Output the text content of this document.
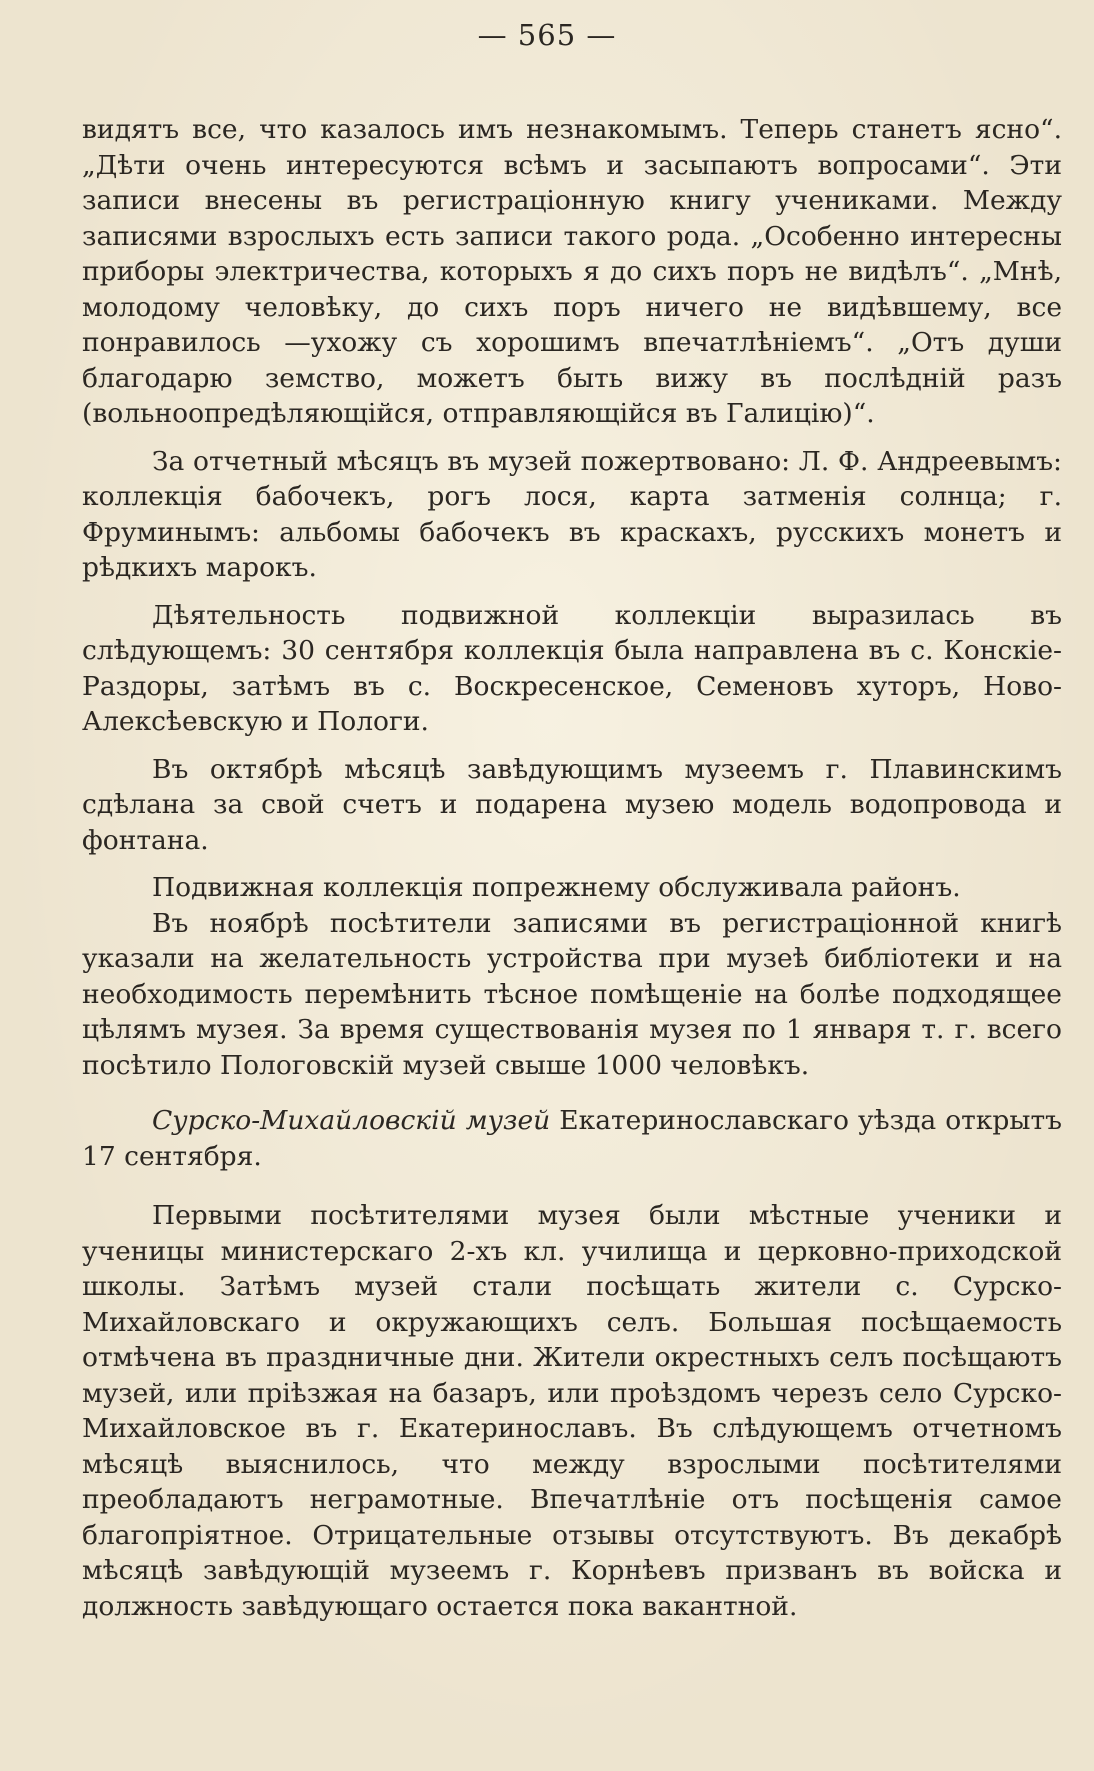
— 565 —

видятъ все, что казалось имъ незнакомымъ. Теперь станетъ ясно“. „Дѣти очень интересуются всѣмъ и засыпаютъ вопросами“. Эти записи внесены въ регистраціонную книгу учениками. Между записями взрослыхъ есть записи такого рода. „Особенно интересны приборы электричества, которыхъ я до сихъ поръ не видѣлъ“. „Мнѣ, молодому человѣку, до сихъ поръ ничего не видѣвшему, все понравилось —ухожу съ хорошимъ впечатлѣніемъ“. „Отъ души благодарю земство, можетъ быть вижу въ послѣдній разъ (вольноопредѣляющійся, отправляющійся въ Галицію)“.

За отчетный мѣсяцъ въ музей пожертвовано: Л. Ф. Андреевымъ: коллекція бабочекъ, рогъ лося, карта затменія солнца; г. Фруминымъ: альбомы бабочекъ въ краскахъ, русскихъ монетъ и рѣдкихъ марокъ.

Дѣятельность подвижной коллекціи выразилась въ слѣдующемъ: 30 сентября коллекція была направлена въ с. Конскіе-Раздоры, затѣмъ въ с. Воскресенское, Семеновъ хуторъ, Ново-Алексѣевскую и Пологи.

Въ октябрѣ мѣсяцѣ завѣдующимъ музеемъ г. Плавинскимъ сдѣлана за свой счетъ и подарена музею модель водопровода и фонтана.

Подвижная коллекція попрежнему обслуживала районъ.

Въ ноябрѣ посѣтители записями въ регистраціонной книгѣ указали на желательность устройства при музеѣ библіотеки и на необходимость перемѣнить тѣсное помѣщеніе на болѣе подходящее цѣлямъ музея. За время существованія музея по 1 января т. г. всего посѣтило Пологовскій музей свыше 1000 человѣкъ.

Сурско-Михайловскій музей Екатеринославскаго уѣзда открытъ 17 сентября.

Первыми посѣтителями музея были мѣстные ученики и ученицы министерскаго 2-хъ кл. училища и церковно-приходской школы. Затѣмъ музей стали посѣщать жители с. Сурско-Михайловскаго и окружающихъ селъ. Большая посѣщаемость отмѣчена въ праздничные дни. Жители окрестныхъ селъ посѣщаютъ музей, или пріѣзжая на базаръ, или проѣздомъ черезъ село Сурско-Михайловское въ г. Екатеринославъ. Въ слѣдующемъ отчетномъ мѣсяцѣ выяснилось, что между взрослыми посѣтителями преобладаютъ неграмотные. Впечатлѣніе отъ посѣщенія самое благопріятное. Отрицательные отзывы отсутствуютъ. Въ декабрѣ мѣсяцѣ завѣдующій музеемъ г. Корнѣевъ призванъ въ войска и должность завѣдующаго остается пока вакантной.
